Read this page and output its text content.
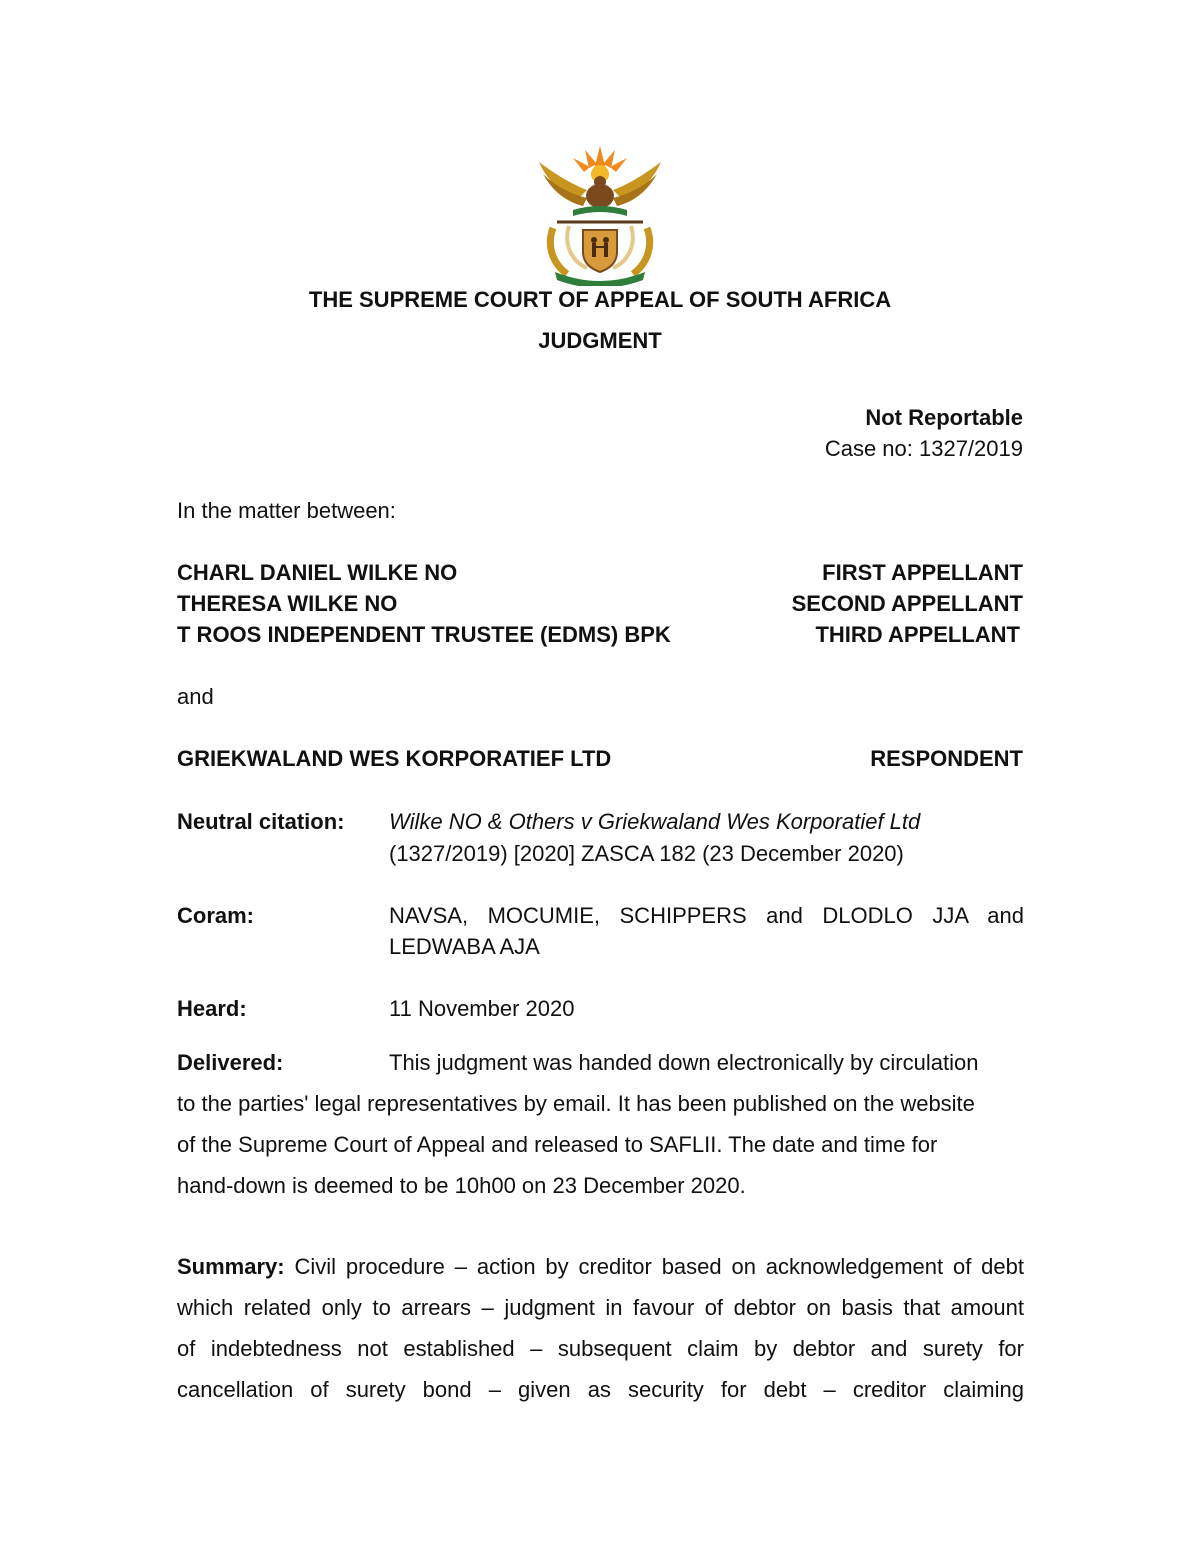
THE SUPREME COURT OF APPEAL OF SOUTH AFRICA
JUDGMENT
Not Reportable
Case no: 1327/2019
In the matter between:
CHARL DANIEL WILKE NO	FIRST APPELLANT
THERESA WILKE NO	SECOND APPELLANT
T ROOS INDEPENDENT TRUSTEE (EDMS) BPK	THIRD APPELLANT
and
GRIEKWALAND WES KORPORATIEF LTD	RESPONDENT
Neutral citation: Wilke NO & Others v Griekwaland Wes Korporatief Ltd
(1327/2019) [2020] ZASCA 182 (23 December 2020)
Coram:	NAVSA, MOCUMIE, SCHIPPERS and DLODLO JJA and
LEDWABA AJA
Heard:	11 November 2020
Delivered:	This judgment was handed down electronically by circulation
to the parties' legal representatives by email. It has been published on the website
of the Supreme Court of Appeal and released to SAFLII. The date and time for
hand-down is deemed to be 10h00 on 23 December 2020.
Summary: Civil procedure – action by creditor based on acknowledgement of debt
which related only to arrears – judgment in favour of debtor on basis that amount
of indebtedness not established – subsequent claim by debtor and surety for
cancellation of surety bond – given as security for debt – creditor claiming
